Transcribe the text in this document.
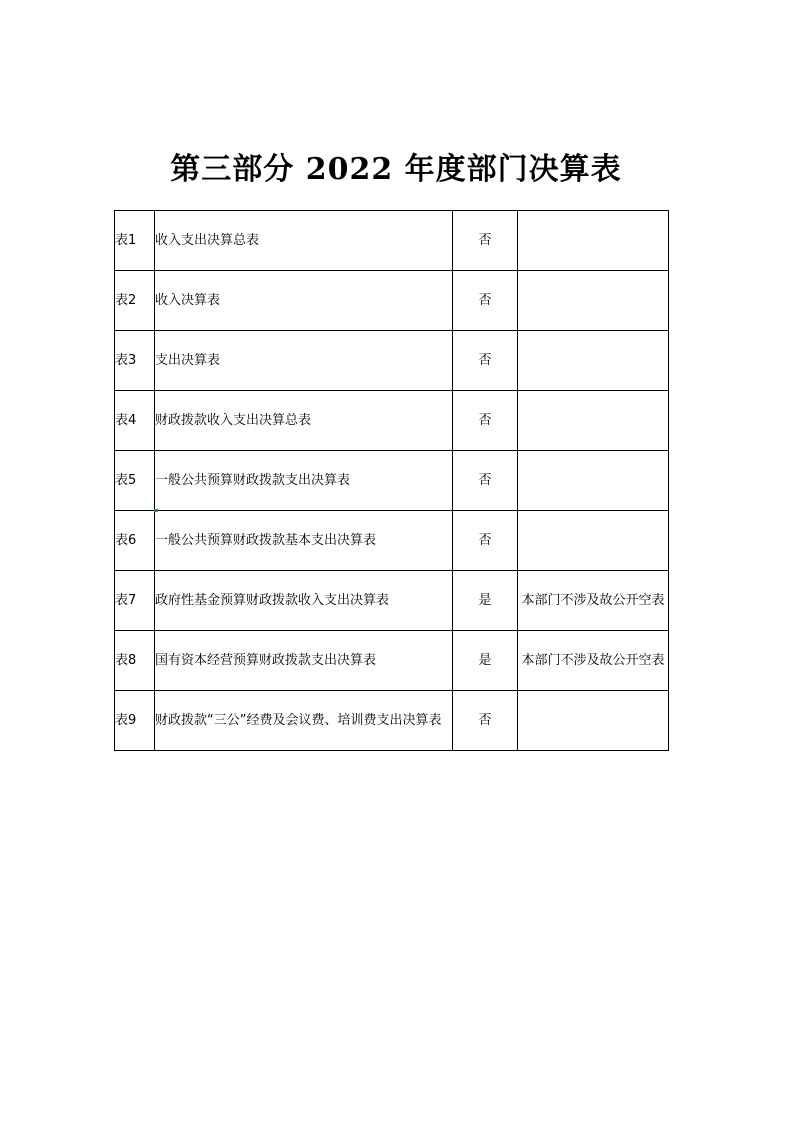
第三部分 2022 年度部门决算表
表1	收入支出决算总表	否	
表2	收入决算表	否	
表3	支出决算表	否	
表4	财政拨款收入支出决算总表	否	
表5	一般公共预算财政拨款支出决算表	否	
表6	一般公共预算财政拨款基本支出决算表	否	
表7	政府性基金预算财政拨款收入支出决算表	是	本部门不涉及故公开空表
表8	国有资本经营预算财政拨款支出决算表	是	本部门不涉及故公开空表
表9	财政拨款“三公”经费及会议费、培训费支出决算表	否	
